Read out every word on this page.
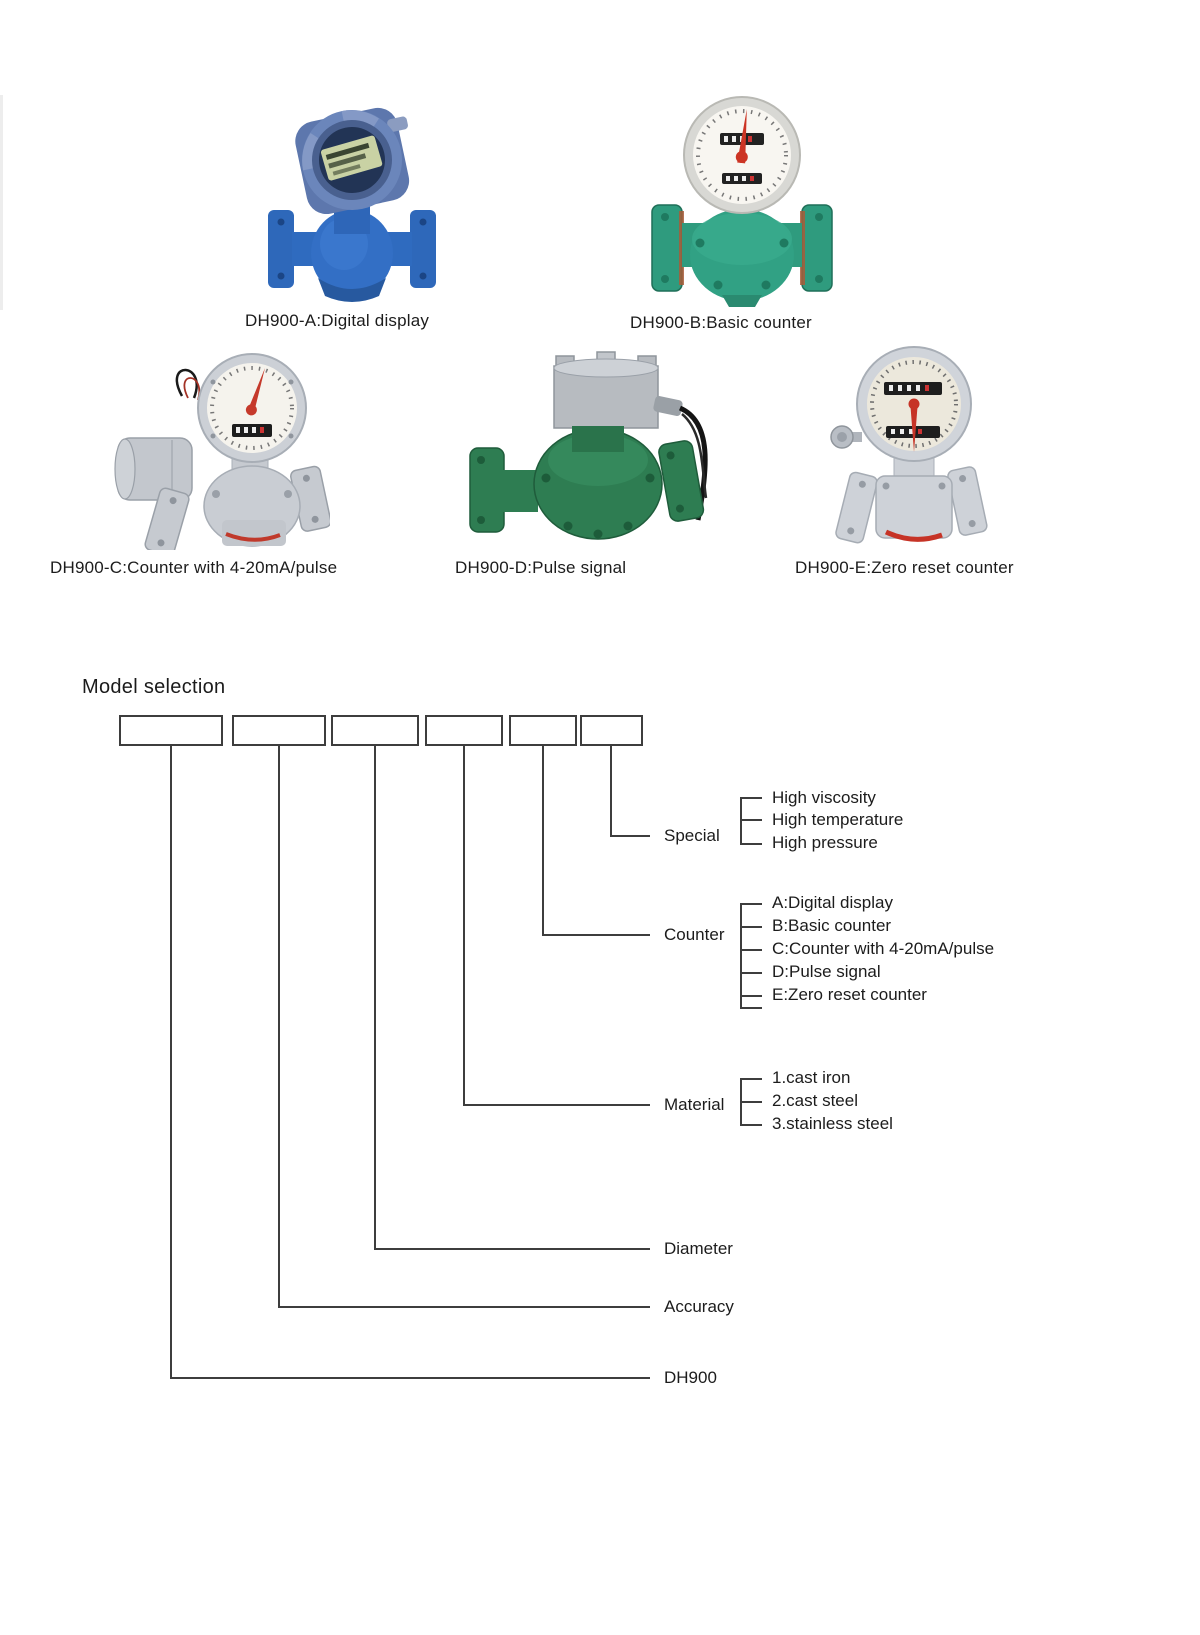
DH900-A:Digital display	DH900-B:Basic counter
DH900-C:Counter with 4-20mA/pulse	DH900-D:Pulse signal	DH900-E:Zero reset counter
Model selection
Special
Counter
Material
Diameter
Accuracy
DH900
High viscosity
High temperature
High pressure
A:Digital display
B:Basic counter
C:Counter with 4-20mA/pulse
D:Pulse signal
E:Zero reset counter
1.cast iron
2.cast steel
3.stainless steel
